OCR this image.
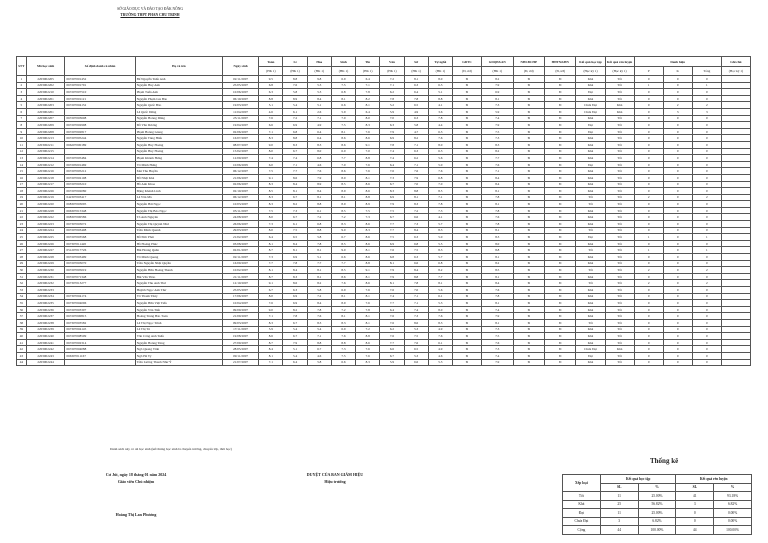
SỞ GIÁO DỤC VÀ ĐÀO TẠO ĐẮK NÔNG
TRƯỜNG THPT PHAN CHU TRINH
STT	Mã học sinh	Số định danh cá nhân	Họ và tên	Ngày sinh	Toán	Lí	Hóa	Sinh	Tin	Văn	Sử	Tự nghề	GDTC	GDQP&AN	NHLĐCHP	HĐTN&HN	Kết quả học tập	Kết quả rèn luyện	Danh hiệu			Ghi chú
					(HK 1)	(HK 1)	(HK 1)	(HK 1)	(HK 1)	(HK 1)	(HK 1)	(HK 1)	(Đ, ưđ)	(HK 1)	(Đ, ưđ)	(Đ, ưđ)	(Hạc kỳ 1)	(Hạc kỳ 1)	P	K	Tổng	(Học kỳ 1)
1	2203002205	067207001452	Bế Nguyễn Tuấn Anh	02/11/2007	9.5	8.8	9.8	6.9	6.4	7.2	8.1	8.0	Đ	8.2	Đ	Đ	Khá	Tốt	0	0	0	
2	2203002202	067207001791	Nguyễn Huy Anh	25/05/2007	6.8	7.6	5.3	7.5	7.1	7.1	6.3	6.3	Đ	7.9	Đ	Đ	Khá	Tốt	1	0	1	
3	2203002210	067207007510	Phạm Tuấn Anh	10/06/2007	6.3	5.8	5.3	6.8	7.8	6.2	6.4	5.1	Đ	6.9	Đ	Đ	Đạt	Tốt	0	0	0	
4	2203002201	067207001121	Nguyễn Phạm Gia Bảo	06/10/2007	8.8	8.9	8.4	8.1	8.2	7.8	7.8	8.8	Đ	8.1	Đ	Đ	Khá	Tốt	0	0	0	
5	2203002203	067207004152	Nguyễn Quốc Bảo	19/03/2007	5.1	5.4	5.1	6.6	8.1	5.2	6.5	4.1	Đ	7.3	Đ	Đ	Chưa Đạt	Khá	0	2	2	
6	2203002201		Lê Quốc Dũng	11/04/2007	4.6	6.1	2.6	5.9	6.4	5.9	4.9	3.6	Đ	5.9	Đ	Đ	Chưa Đạt	Khá	0	3	3	
7	2203002207	067207003608	Nguyễn Hoàng Dũng	25/11/2007	7.6	7.2	7.1	7.0	8.0	7.0	6.3	7.8	Đ	7.4	Đ	Đ	Khá	Tốt	0	0	0	
8	2203002209	067207002998	Đỗ Văn Dương	19/04/2007	6.6	6.9	4.9	7.5	8.3	6.3	5.8	4.4	Đ	7.9	Đ	Đ	Đạt	Tốt	0	0	0	
9	2203002208	067207002817	Phạm Hoàng Giang	02/06/2007	7.1	6.8	6.4	8.1	7.6	7.9	4.7	6.3	Đ	7.5	Đ	Đ	Đạt	Tốt	0	0	0	
10	2203002213	067207005244	Nguyễn Tùng Hiếu	16/07/2007	8.3	8.8	6.4	8.6	8.6	6.9	8.2	7.6	Đ	7.3	Đ	Đ	Khá	Tốt	0	0	0	
11	2203002211	066207000189	Nguyễn Huy Hoàng	08/07/2007	9.0	8.3	8.3	8.6	9.1	7.8	7.1	8.0	Đ	8.3	Đ	Đ	Khá	Tốt	0	0	0	
12	2203002215		Nguyễn Huy Hoàng	15/02/2007	8.0	6.7	8.0	6.0	7.0	7.4	6.3	6.3	Đ	8.2	Đ	Đ	Khá	Tốt	0	0	0	
13	2203002214	067207005484	Phạm Khánh Hưng	12/09/2007	7.4	7.4	6.8	7.7	8.8	7.4	6.2	5.6	Đ	7.7	Đ	Đ	Khá	Tốt	0	0	0	
14	2203002212	067205001469	Võ Minh Hưng	10/06/2005	6.0	7.1	4.6	7.0	7.6	6.4	7.1	5.0	Đ	7.6	Đ	Đ	Đạt	Tốt	0	0	0	
15	2203002216	067207005212	Mai Thu Huyền	06/12/2007	7.5	7.7	7.6	8.6	7.6	7.6	7.6	7.6	Đ	7.1	Đ	Đ	Khá	Tốt	0	0	0	
16	2203002218	067207002108	Đỗ Nhật Khá	21/06/2007	9.1	8.6	7.9	8.0	8.1	7.3	7.9	6.8	Đ	8.4	Đ	Đ	Khá	Tốt	0	0	0	
17	2203002217	067207003210	Hồ Anh Khoa	02/06/2007	8.3	8.4	8.9	8.5	8.6	6.7	7.0	7.0	Đ	8.4	Đ	Đ	Khá	Tốt	0	0	0	
18	2203002226	067207002080	Đặng Khánh Linh	02/10/2007	8.5	8.1	8.4	8.9	8.6	8.3	8.8	8.5	Đ	8.1	Đ	Đ	Khá	Tốt	0	0	0	
19	2203002219	042307003417	Lê Văn Mà	06/12/2007	8.3	6.7	8.1	8.1	8.8	6.9	8.1	7.1	Đ	7.8	Đ	Đ	Tốt	Tốt	2	0	2	
20	2203002220	068307003095	Nguyễn Hải Ngọc	10/03/2007	8.3	8.2	8.8	8.9	8.9	7.9	8.3	7.8	Đ	8.1	Đ	Đ	Tốt	Tốt	0	0	0	
21	2203002228	066307015348	Nguyễn Thị Bảo Ngọc	05/11/2007	7.5	7.3	6.1	8.5	7.5	7.5	7.2	7.3	Đ	7.8	Đ	Đ	Khá	Tốt	0	0	0	
22	2203002222	068307000586	Tô Anh Nguyên	24/08/2007	8.0	6.7	7.2	7.2	7.3	6.7	6.6	4.1	Đ	7.6	Đ	Đ	Khá	Tốt	0	0	0	
23	2203002223	067307003072	Nguyễn Thị Quỳnh Như	26/06/2007	7.3	6.1	6.8	8.3	8.6	7.7	7.3	5.7	Đ	7.8	Đ	Đ	Khá	Tốt	0	0	0	
24	2203002224	067207003408	Trần Minh Quanh	29/03/2007	8.0	7.5	8.8	9.0	8.3	7.7	8.4	8.3	Đ	8.1	Đ	Đ	Tốt	Tốt	0	0	0	
25	2203002225	067207003568	Đỗ Đức Phát	21/02/2007	6.4	6.5	5.8	6.7	8.6	7.5	6.3	5.0	Đ	8.3	Đ	Đ	Đạt	Tốt	1	0	1	
26	2203002226	067307011420	Hồ Hoàng Phúc	03/08/2007	8.1	8.4	7.8	8.5	8.6	6.9	6.8	5.5	Đ	8.0	Đ	Đ	Khá	Tốt	0	0	0	
27	2203002227	051207017726	Bùi Hoàng Quân	02/01/2007	8.7	8.1	8.1	9.0	8.1	7.6	7.5	8.3	Đ	8.8	Đ	Đ	Tốt	Tốt	1	0	1	
28	2203002228	067207003499	Võ Minh Quang	02/11/2007	7.3	6.9	5.1	6.6	8.6	6.8	6.3	5.7	Đ	8.1	Đ	Đ	Khá	Tốt	0	0	0	
29	2203002229	067207003070	Trần Nguyễn Nhật Quyền	16/09/2007	7.7	7.8	7.7	7.7	8.8	8.1	6.6	6.8	Đ	8.2	Đ	Đ	Khá	Tốt	0	0	0	
30	2203002230	067207005019	Nguyễn Hữu Hoàng Thanh	10/02/2007	8.1	8.4	8.1	8.5	9.1	7.9	8.4	8.2	Đ	8.5	Đ	Đ	Tốt	Tốt	2	0	2	
31	2203002231	067207071348	Bùi Văn Thảo	21/11/2007	8.7	8.3	8.1	8.6	8.1	7.9	8.8	7.7	Đ	8.1	Đ	Đ	Khá	Tốt	0	0	0	
32	2203002232	067307013277	Nguyễn Thu Anh Thư	12/10/2007	9.1	8.6	8.2	7.6	8.6	8.1	7.8	8.1	Đ	8.4	Đ	Đ	Tốt	Tốt	2	0	2	
33	2203002233		Huỳnh Ngọc Anh Thư	25/05/2007	6.7	6.3	5.8	6.9	7.6	7.6	7.0	5.6	Đ	7.6	Đ	Đ	Khá	Tốt	0	0	0	
34	2203002234	067307004174	Võ Thanh Thúy	17/06/2007	8.0	6.9	7.2	8.1	8.1	7.4	7.1	6.1	Đ	7.8	Đ	Đ	Khá	Tốt	0	0	0	
35	2203002235	067307004096	Nguyễn Hữu Việt Tiến	10/04/2007	7.6	6.9	8.4	8.9	7.6	7.7	7.1	5.3	Đ	8.1	Đ	Đ	Khá	Tốt	0	0	0	
36	2203002236	067207003307	Nguyễn Văn Tiến	09/09/2007	9.0	8.2	7.8	7.2	7.8	6.4	7.4	8.0	Đ	7.4	Đ	Đ	Khá	Tốt	0	0	0	
37	2203002237	067207000815	Hoàng Trung Bảo Toàn	21/09/2007	7.1	7.8	7.6	8.1	8.1	7.6	7.3	7.6	Đ	7.9	Đ	Đ	Khá	Tốt	0	0	0	
38	2203002238	067307003582	Lê Thị Ngọc Trinh	09/03/2007	8.3	6.7	8.3	8.3	8.1	7.6	8.6	8.3	Đ	8.1	Đ	Đ	Tốt	Tốt	0	0	0	
39	2203002239	067307004145	Lê Thị Tú	17/11/2007	5.9	5.4	5.4	6.9	7.2	6.2	5.3	4.9	Đ	7.3	Đ	Đ	Khá	Tốt	0	0	0	
40	2203002240	067207008509	Văn Công Anh Tuấn	19/08/2007	8.6	6.7	7.1	7.6	8.8	7.6	7.5	7.6	Đ	7.5	Đ	Đ	Khá	Tốt	0	0	0	
41	2203002241	067207002314	Nguyễn Hoàng Tùng	27/09/2007	8.7	7.9	8.8	8.8	8.6	7.7	7.6	6.1	Đ	7.6	Đ	Đ	Khá	Tốt	0	0	0	
42	2203002242	067207004088	Ngô Quang Vinh	28/05/2007	8.4	5.1	6.7	7.3	7.6	6.6	6.5	4.9	Đ	7.3	Đ	Đ	Chưa Đạt	Khá	0	0	0	
43	2203002243	066307011167	Ngô Hà Vy	09/11/2007	8.1	5.4	4.6	7.5	7.6	6.7	5.3	4.6	Đ	7.4	Đ	Đ	Đạt	Tốt	0	0	0	
44	2203002244		Trần Lương Thanh Như Ý	21/07/2007	7.1	6.4	5.8	6.6	8.3	5.9	6.6	5.3	Đ	7.9	Đ	Đ	Khá	Tốt	0	0	0	
Danh sách này có 44 học sinh (kết thúng học sinh là chuyển trường, chuyển lớp, thôi học)
Thống kê
Xếp loại	Kết quả học tập		Kết quả rèn luyện	
	SL	%	SL	%
Tốt	11	25.00%	41	93.18%
Khá	25	56.82%	3	6.82%
Đạt	11	25.00%	0	0.00%
Chưa Đạt	3	6.82%	0	0.00%
Cộng	44	100.00%	44	100.00%
Cư Jút, ngày 18 tháng 01 năm 2024
Giáo viên Chủ nhiệm
Hoàng Thị Lan Phương
DUYỆT CỦA BAN GIÁM HIỆU
Hiệu trưởng
